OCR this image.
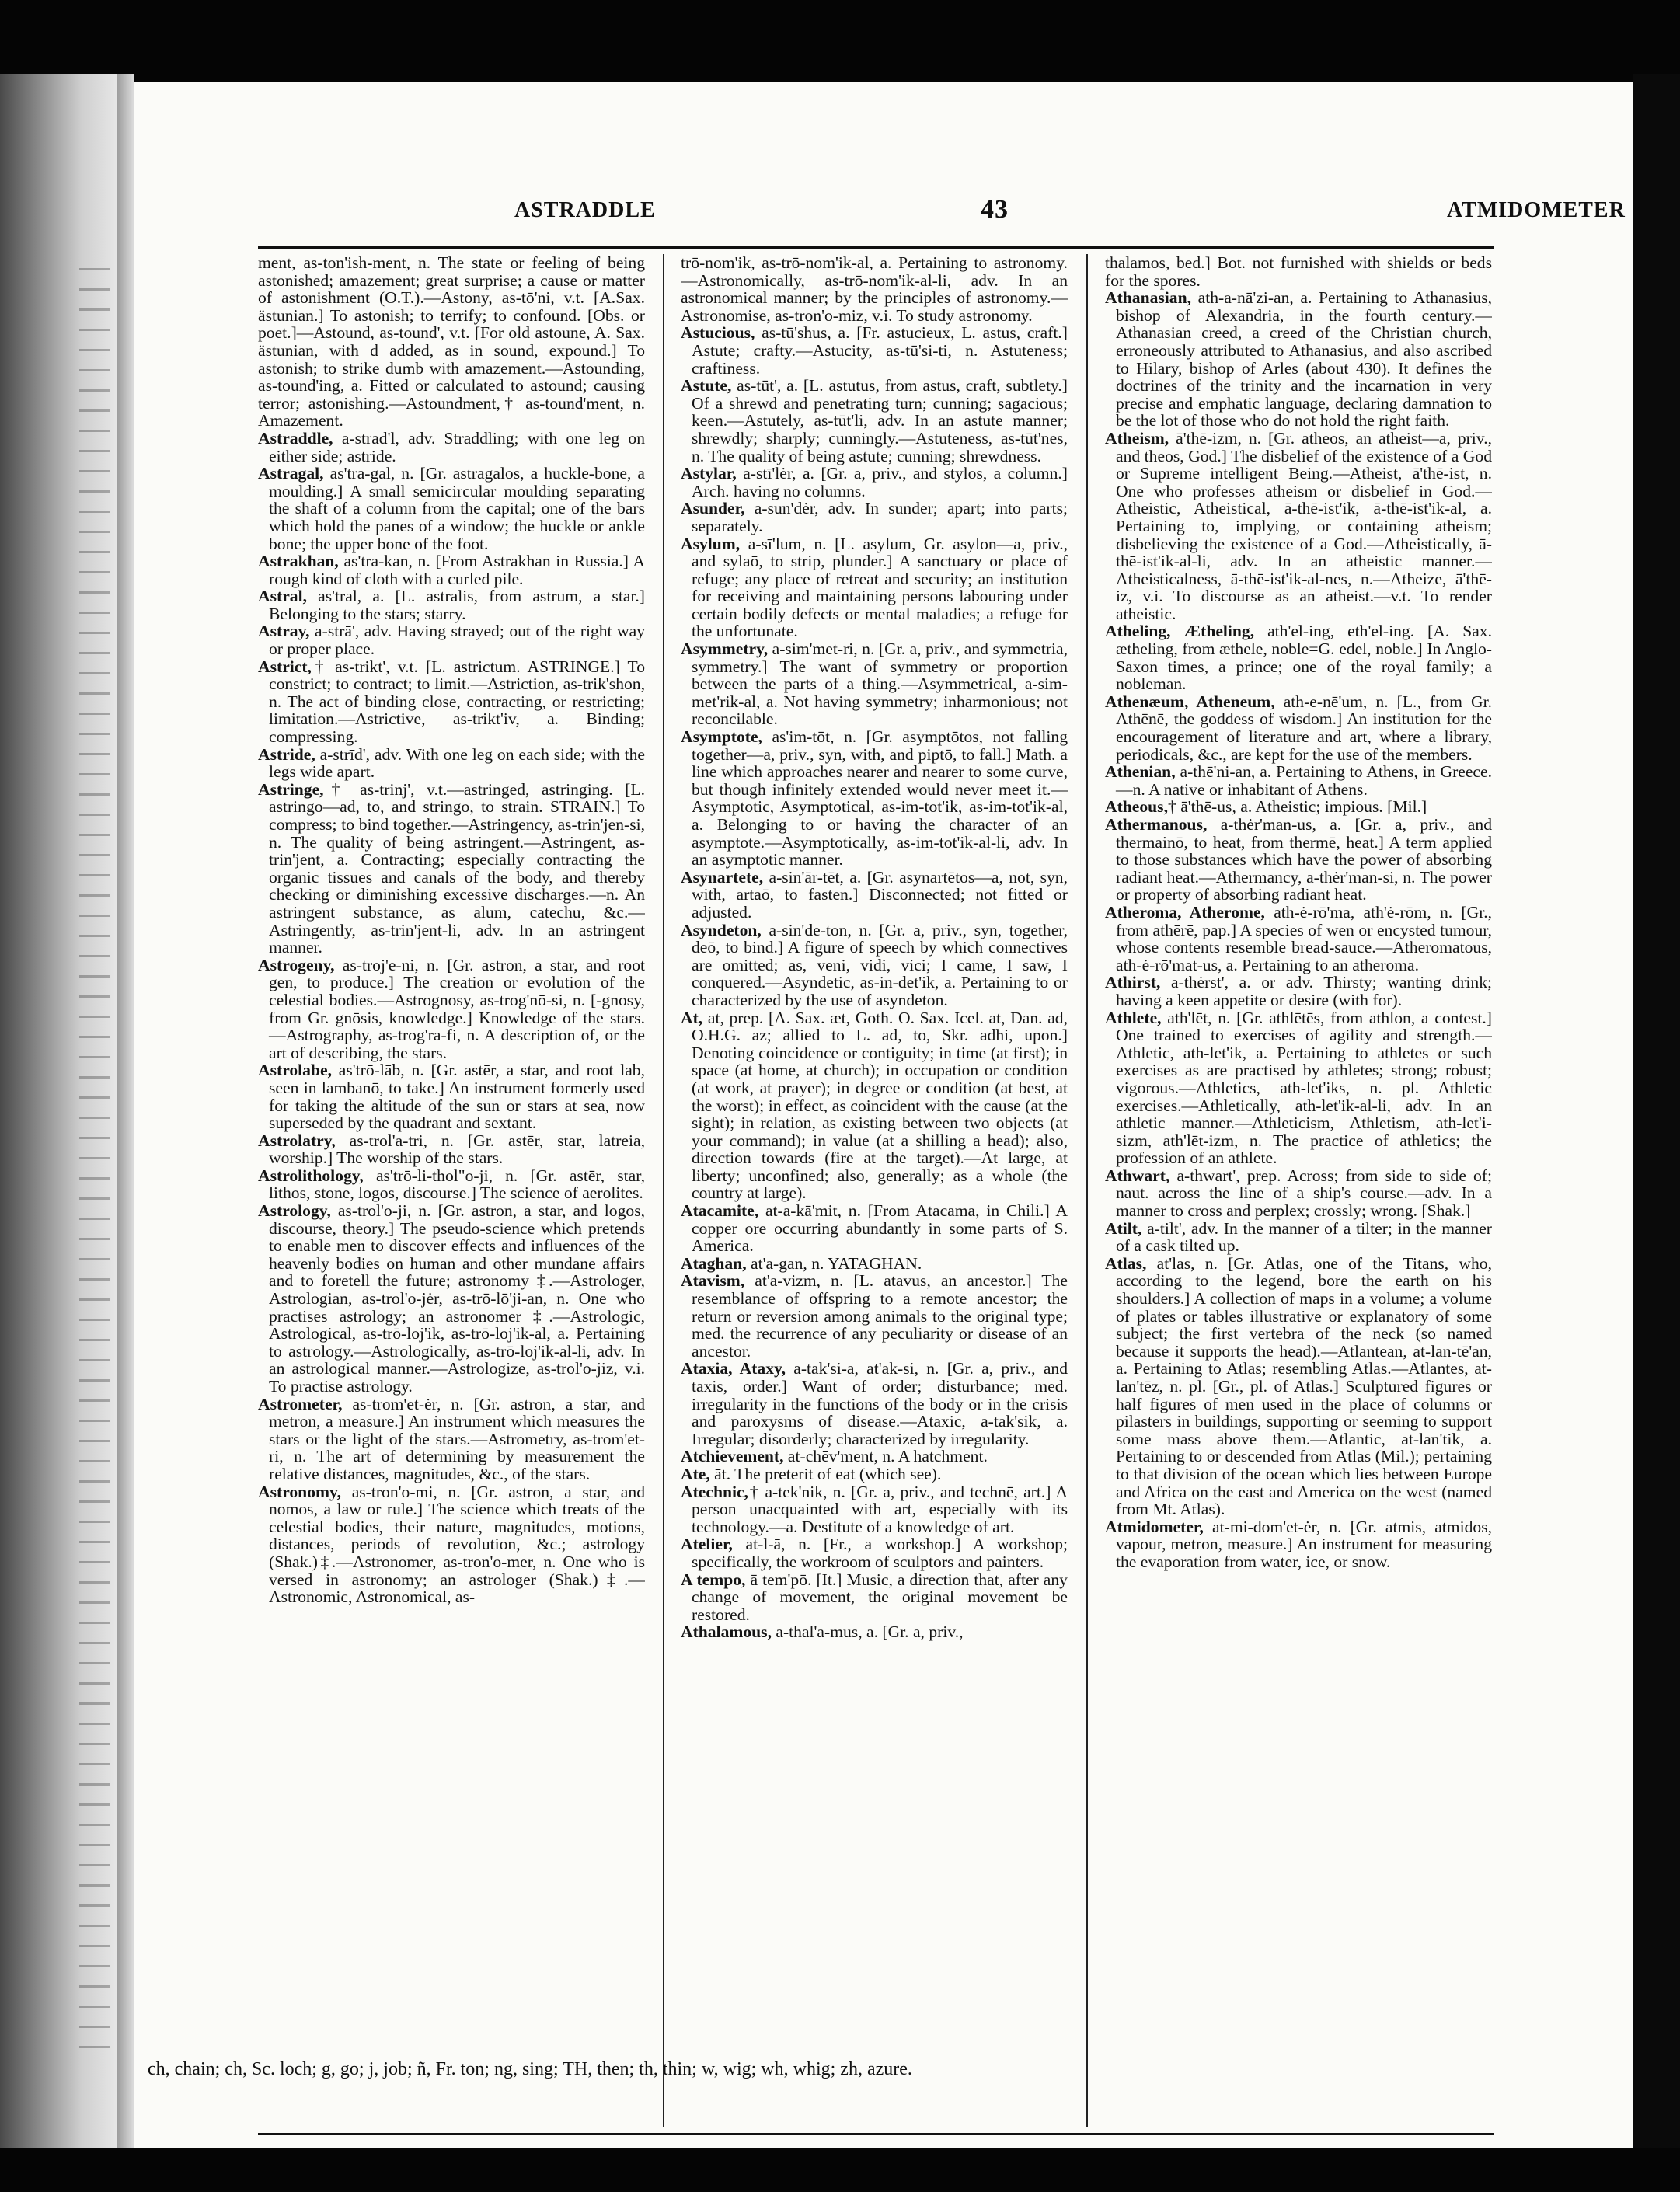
ASTRADDLE	43	ATMIDOMETER

ment, as-ton'ish-ment, n. The state or feeling of being astonished; amazement; great surprise; a cause or matter of astonishment (O.T.).—Astony, as-tō'ni, v.t. [A.Sax. ästunian.] To astonish; to terrify; to confound. [Obs. or poet.]—Astound, as-tound', v.t. [For old astoune, A. Sax. ästunian, with d added, as in sound, expound.] To astonish; to strike dumb with amazement.—Astounding, as-tound'ing, a. Fitted or calculated to astound; causing terror; astonishing.—Astoundment,† as-tound'ment, n. Amazement.

Astraddle, a-strad'l, adv. Straddling; with one leg on either side; astride.

Astragal, as'tra-gal, n. [Gr. astragalos, a huckle-bone, a moulding.] A small semicircular moulding separating the shaft of a column from the capital; one of the bars which hold the panes of a window; the huckle or ankle bone; the upper bone of the foot.

Astrakhan, as'tra-kan, n. [From Astrakhan in Russia.] A rough kind of cloth with a curled pile.

Astral, as'tral, a. [L. astralis, from astrum, a star.] Belonging to the stars; starry.

Astray, a-strā', adv. Having strayed; out of the right way or proper place.

Astrict,† as-trikt', v.t. [L. astrictum. ASTRINGE.] To constrict; to contract; to limit.—Astriction, as-trik'shon, n. The act of binding close, contracting, or restricting; limitation.—Astrictive, as-trikt'iv, a. Binding; compressing.

Astride, a-strīd', adv. With one leg on each side; with the legs wide apart.

Astringe,† as-trinj', v.t.—astringed, astringing. [L. astringo—ad, to, and stringo, to strain. STRAIN.] To compress; to bind together.—Astringency, as-trin'jen-si, n. The quality of being astringent.—Astringent, as-trin'jent, a. Contracting; especially contracting the organic tissues and canals of the body, and thereby checking or diminishing excessive discharges.—n. An astringent substance, as alum, catechu, &c.—Astringently, as-trin'jent-li, adv. In an astringent manner.

Astrogeny, as-troj'e-ni, n. [Gr. astron, a star, and root gen, to produce.] The creation or evolution of the celestial bodies.—Astrognosy, as-trog'nō-si, n. [-gnosy, from Gr. gnōsis, knowledge.] Knowledge of the stars.—Astrography, as-trog'ra-fi, n. A description of, or the art of describing, the stars.

Astrolabe, as'trō-lāb, n. [Gr. astēr, a star, and root lab, seen in lambanō, to take.] An instrument formerly used for taking the altitude of the sun or stars at sea, now superseded by the quadrant and sextant.

Astrolatry, as-trol'a-tri, n. [Gr. astēr, star, latreia, worship.] The worship of the stars.

Astrolithology, as'trō-li-thol"o-ji, n. [Gr. astēr, star, lithos, stone, logos, discourse.] The science of aerolites.

Astrology, as-trol'o-ji, n. [Gr. astron, a star, and logos, discourse, theory.] The pseudo-science which pretends to enable men to discover effects and influences of the heavenly bodies on human and other mundane affairs and to foretell the future; astronomy ‡.—Astrologer, Astrologian, as-trol'o-jėr, as-trō-lō'ji-an, n. One who practises astrology; an astronomer ‡.—Astrologic, Astrological, as-trō-loj'ik, as-trō-loj'ik-al, a. Pertaining to astrology.—Astrologically, as-trō-loj'ik-al-li, adv. In an astrological manner.—Astrologize, as-trol'o-jiz, v.i. To practise astrology.

Astrometer, as-trom'et-ėr, n. [Gr. astron, a star, and metron, a measure.] An instrument which measures the stars or the light of the stars.—Astrometry, as-trom'et-ri, n. The art of determining by measurement the relative distances, magnitudes, &c., of the stars.

Astronomy, as-tron'o-mi, n. [Gr. astron, a star, and nomos, a law or rule.] The science which treats of the celestial bodies, their nature, magnitudes, motions, distances, periods of revolution, &c.; astrology (Shak.)‡.—Astronomer, as-tron'o-mer, n. One who is versed in astronomy; an astrologer (Shak.)‡.—Astronomic, Astronomical, as-

trō-nom'ik, as-trō-nom'ik-al, a. Pertaining to astronomy.—Astronomically, as-trō-nom'ik-al-li, adv. In an astronomical manner; by the principles of astronomy.—Astronomise, as-tron'o-miz, v.i. To study astronomy.

Astucious, as-tū'shus, a. [Fr. astucieux, L. astus, craft.] Astute; crafty.—Astucity, as-tū'si-ti, n. Astuteness; craftiness.

Astute, as-tūt', a. [L. astutus, from astus, craft, subtlety.] Of a shrewd and penetrating turn; cunning; sagacious; keen.—Astutely, as-tūt'li, adv. In an astute manner; shrewdly; sharply; cunningly.—Astuteness, as-tūt'nes, n. The quality of being astute; cunning; shrewdness.

Astylar, a-stī'lėr, a. [Gr. a, priv., and stylos, a column.] Arch. having no columns.

Asunder, a-sun'dėr, adv. In sunder; apart; into parts; separately.

Asylum, a-sī'lum, n. [L. asylum, Gr. asylon—a, priv., and sylaō, to strip, plunder.] A sanctuary or place of refuge; any place of retreat and security; an institution for receiving and maintaining persons labouring under certain bodily defects or mental maladies; a refuge for the unfortunate.

Asymmetry, a-sim'met-ri, n. [Gr. a, priv., and symmetria, symmetry.] The want of symmetry or proportion between the parts of a thing.—Asymmetrical, a-sim-met'rik-al, a. Not having symmetry; inharmonious; not reconcilable.

Asymptote, as'im-tōt, n. [Gr. asymptōtos, not falling together—a, priv., syn, with, and piptō, to fall.] Math. a line which approaches nearer and nearer to some curve, but though infinitely extended would never meet it.—Asymptotic, Asymptotical, as-im-tot'ik, as-im-tot'ik-al, a. Belonging to or having the character of an asymptote.—Asymptotically, as-im-tot'ik-al-li, adv. In an asymptotic manner.

Asynartete, a-sin'ār-tēt, a. [Gr. asynartētos—a, not, syn, with, artaō, to fasten.] Disconnected; not fitted or adjusted.

Asyndeton, a-sin'de-ton, n. [Gr. a, priv., syn, together, deō, to bind.] A figure of speech by which connectives are omitted; as, veni, vidi, vici; I came, I saw, I conquered.—Asyndetic, as-in-det'ik, a. Pertaining to or characterized by the use of asyndeton.

At, at, prep. [A. Sax. æt, Goth. O. Sax. Icel. at, Dan. ad, O.H.G. az; allied to L. ad, to, Skr. adhi, upon.] Denoting coincidence or contiguity; in time (at first); in space (at home, at church); in occupation or condition (at work, at prayer); in degree or condition (at best, at the worst); in effect, as coincident with the cause (at the sight); in relation, as existing between two objects (at your command); in value (at a shilling a head); also, direction towards (fire at the target).—At large, at liberty; unconfined; also, generally; as a whole (the country at large).

Atacamite, at-a-kā'mit, n. [From Atacama, in Chili.] A copper ore occurring abundantly in some parts of S. America.

Ataghan, at'a-gan, n. YATAGHAN.

Atavism, at'a-vizm, n. [L. atavus, an ancestor.] The resemblance of offspring to a remote ancestor; the return or reversion among animals to the original type; med. the recurrence of any peculiarity or disease of an ancestor.

Ataxia, Ataxy, a-tak'si-a, at'ak-si, n. [Gr. a, priv., and taxis, order.] Want of order; disturbance; med. irregularity in the functions of the body or in the crisis and paroxysms of disease.—Ataxic, a-tak'sik, a. Irregular; disorderly; characterized by irregularity.

Atchievement, at-chēv'ment, n. A hatchment.

Ate, āt. The preterit of eat (which see).

Atechnic,† a-tek'nik, n. [Gr. a, priv., and technē, art.] A person unacquainted with art, especially with its technology.—a. Destitute of a knowledge of art.

Atelier, at-l-ā, n. [Fr., a workshop.] A workshop; specifically, the workroom of sculptors and painters.

A tempo, ā tem'pō. [It.] Music, a direction that, after any change of movement, the original movement be restored.

Athalamous, a-thal'a-mus, a. [Gr. a, priv.,

thalamos, bed.] Bot. not furnished with shields or beds for the spores.

Athanasian, ath-a-nā'zi-an, a. Pertaining to Athanasius, bishop of Alexandria, in the fourth century.—Athanasian creed, a creed of the Christian church, erroneously attributed to Athanasius, and also ascribed to Hilary, bishop of Arles (about 430). It defines the doctrines of the trinity and the incarnation in very precise and emphatic language, declaring damnation to be the lot of those who do not hold the right faith.

Atheism, ā'thē-izm, n. [Gr. atheos, an atheist—a, priv., and theos, God.] The disbelief of the existence of a God or Supreme intelligent Being.—Atheist, ā'thē-ist, n. One who professes atheism or disbelief in God.—Atheistic, Atheistical, ā-thē-ist'ik, ā-thē-ist'ik-al, a. Pertaining to, implying, or containing atheism; disbelieving the existence of a God.—Atheistically, ā-thē-ist'ik-al-li, adv. In an atheistic manner.—Atheisticalness, ā-thē-ist'ik-al-nes, n.—Atheize, ā'thē-iz, v.i. To discourse as an atheist.—v.t. To render atheistic.

Atheling, Ætheling, ath'el-ing, eth'el-ing. [A. Sax. ætheling, from æthele, noble=G. edel, noble.] In Anglo-Saxon times, a prince; one of the royal family; a nobleman.

Athenæum, Atheneum, ath-e-nē'um, n. [L., from Gr. Athēnē, the goddess of wisdom.] An institution for the encouragement of literature and art, where a library, periodicals, &c., are kept for the use of the members.

Athenian, a-thē'ni-an, a. Pertaining to Athens, in Greece.—n. A native or inhabitant of Athens.

Atheous,† ā'thē-us, a. Atheistic; impious. [Mil.]

Athermanous, a-thėr'man-us, a. [Gr. a, priv., and thermainō, to heat, from thermē, heat.] A term applied to those substances which have the power of absorbing radiant heat.—Athermancy, a-thėr'man-si, n. The power or property of absorbing radiant heat.

Atheroma, Atherome, ath-ė-rō'ma, ath'ė-rōm, n. [Gr., from athērē, pap.] A species of wen or encysted tumour, whose contents resemble bread-sauce.—Atheromatous, ath-ė-rō'mat-us, a. Pertaining to an atheroma.

Athirst, a-thėrst', a. or adv. Thirsty; wanting drink; having a keen appetite or desire (with for).

Athlete, ath'lēt, n. [Gr. athlētēs, from athlon, a contest.] One trained to exercises of agility and strength.—Athletic, ath-let'ik, a. Pertaining to athletes or such exercises as are practised by athletes; strong; robust; vigorous.—Athletics, ath-let'iks, n. pl. Athletic exercises.—Athletically, ath-let'ik-al-li, adv. In an athletic manner.—Athleticism, Athletism, ath-let'i-sizm, ath'lēt-izm, n. The practice of athletics; the profession of an athlete.

Athwart, a-thwart', prep. Across; from side to side of; naut. across the line of a ship's course.—adv. In a manner to cross and perplex; crossly; wrong. [Shak.]

Atilt, a-tilt', adv. In the manner of a tilter; in the manner of a cask tilted up.

Atlas, at'las, n. [Gr. Atlas, one of the Titans, who, according to the legend, bore the earth on his shoulders.] A collection of maps in a volume; a volume of plates or tables illustrative or explanatory of some subject; the first vertebra of the neck (so named because it supports the head).—Atlantean, at-lan-tē'an, a. Pertaining to Atlas; resembling Atlas.—Atlantes, at-lan'tēz, n. pl. [Gr., pl. of Atlas.] Sculptured figures or half figures of men used in the place of columns or pilasters in buildings, supporting or seeming to support some mass above them.—Atlantic, at-lan'tik, a. Pertaining to or descended from Atlas (Mil.); pertaining to that division of the ocean which lies between Europe and Africa on the east and America on the west (named from Mt. Atlas).

Atmidometer, at-mi-dom'et-ėr, n. [Gr. atmis, atmidos, vapour, metron, measure.] An instrument for measuring the evaporation from water, ice, or snow.

ch, chain; ch, Sc. loch; g, go; j, job; ñ, Fr. ton; ng, sing; TH, then; th, thin; w, wig; wh, whig; zh, azure.
